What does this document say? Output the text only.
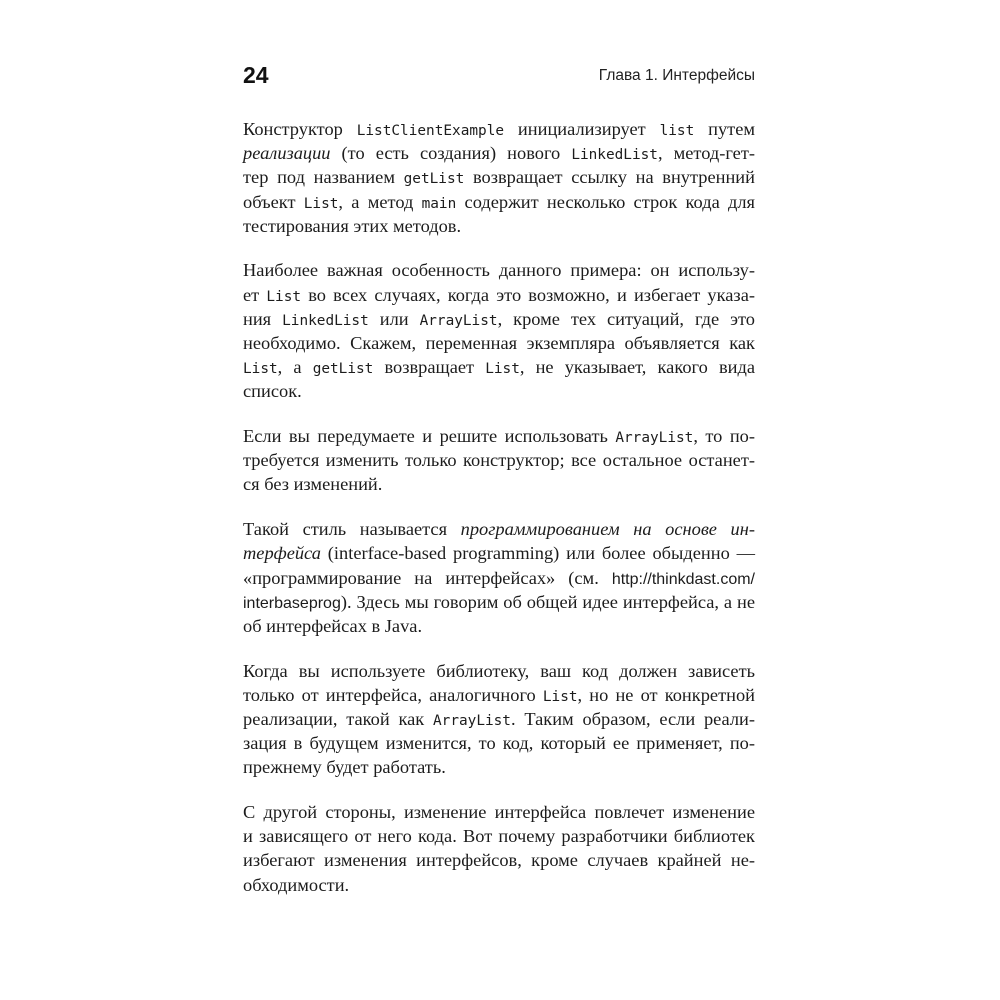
24	Глава 1. Интерфейсы
Конструктор ListClientExample инициализирует list путем
реализации (то есть создания) нового LinkedList, метод-гет-
тер под названием getList возвращает ссылку на внутренний
объект List, а метод main содержит несколько строк кода для
тестирования этих методов.
Наиболее важная особенность данного примера: он использу-
ет List во всех случаях, когда это возможно, и избегает указа-
ния LinkedList или ArrayList, кроме тех ситуаций, где это
необходимо. Скажем, переменная экземпляра объявляется как
List, а getList возвращает List, не указывает, какого вида
список.
Если вы передумаете и решите использовать ArrayList, то по-
требуется изменить только конструктор; все остальное останет-
ся без изменений.
Такой стиль называется программированием на основе ин-
терфейса (interface-based programming) или более обыденно —
«программирование на интерфейсах» (см. http://thinkdast.com/
interbaseprog). Здесь мы говорим об общей идее интерфейса, а не
об интерфейсах в Java.
Когда вы используете библиотеку, ваш код должен зависеть
только от интерфейса, аналогичного List, но не от конкретной
реализации, такой как ArrayList. Таким образом, если реали-
зация в будущем изменится, то код, который ее применяет, по-
прежнему будет работать.
С другой стороны, изменение интерфейса повлечет изменение
и зависящего от него кода. Вот почему разработчики библиотек
избегают изменения интерфейсов, кроме случаев крайней не-
обходимости.
